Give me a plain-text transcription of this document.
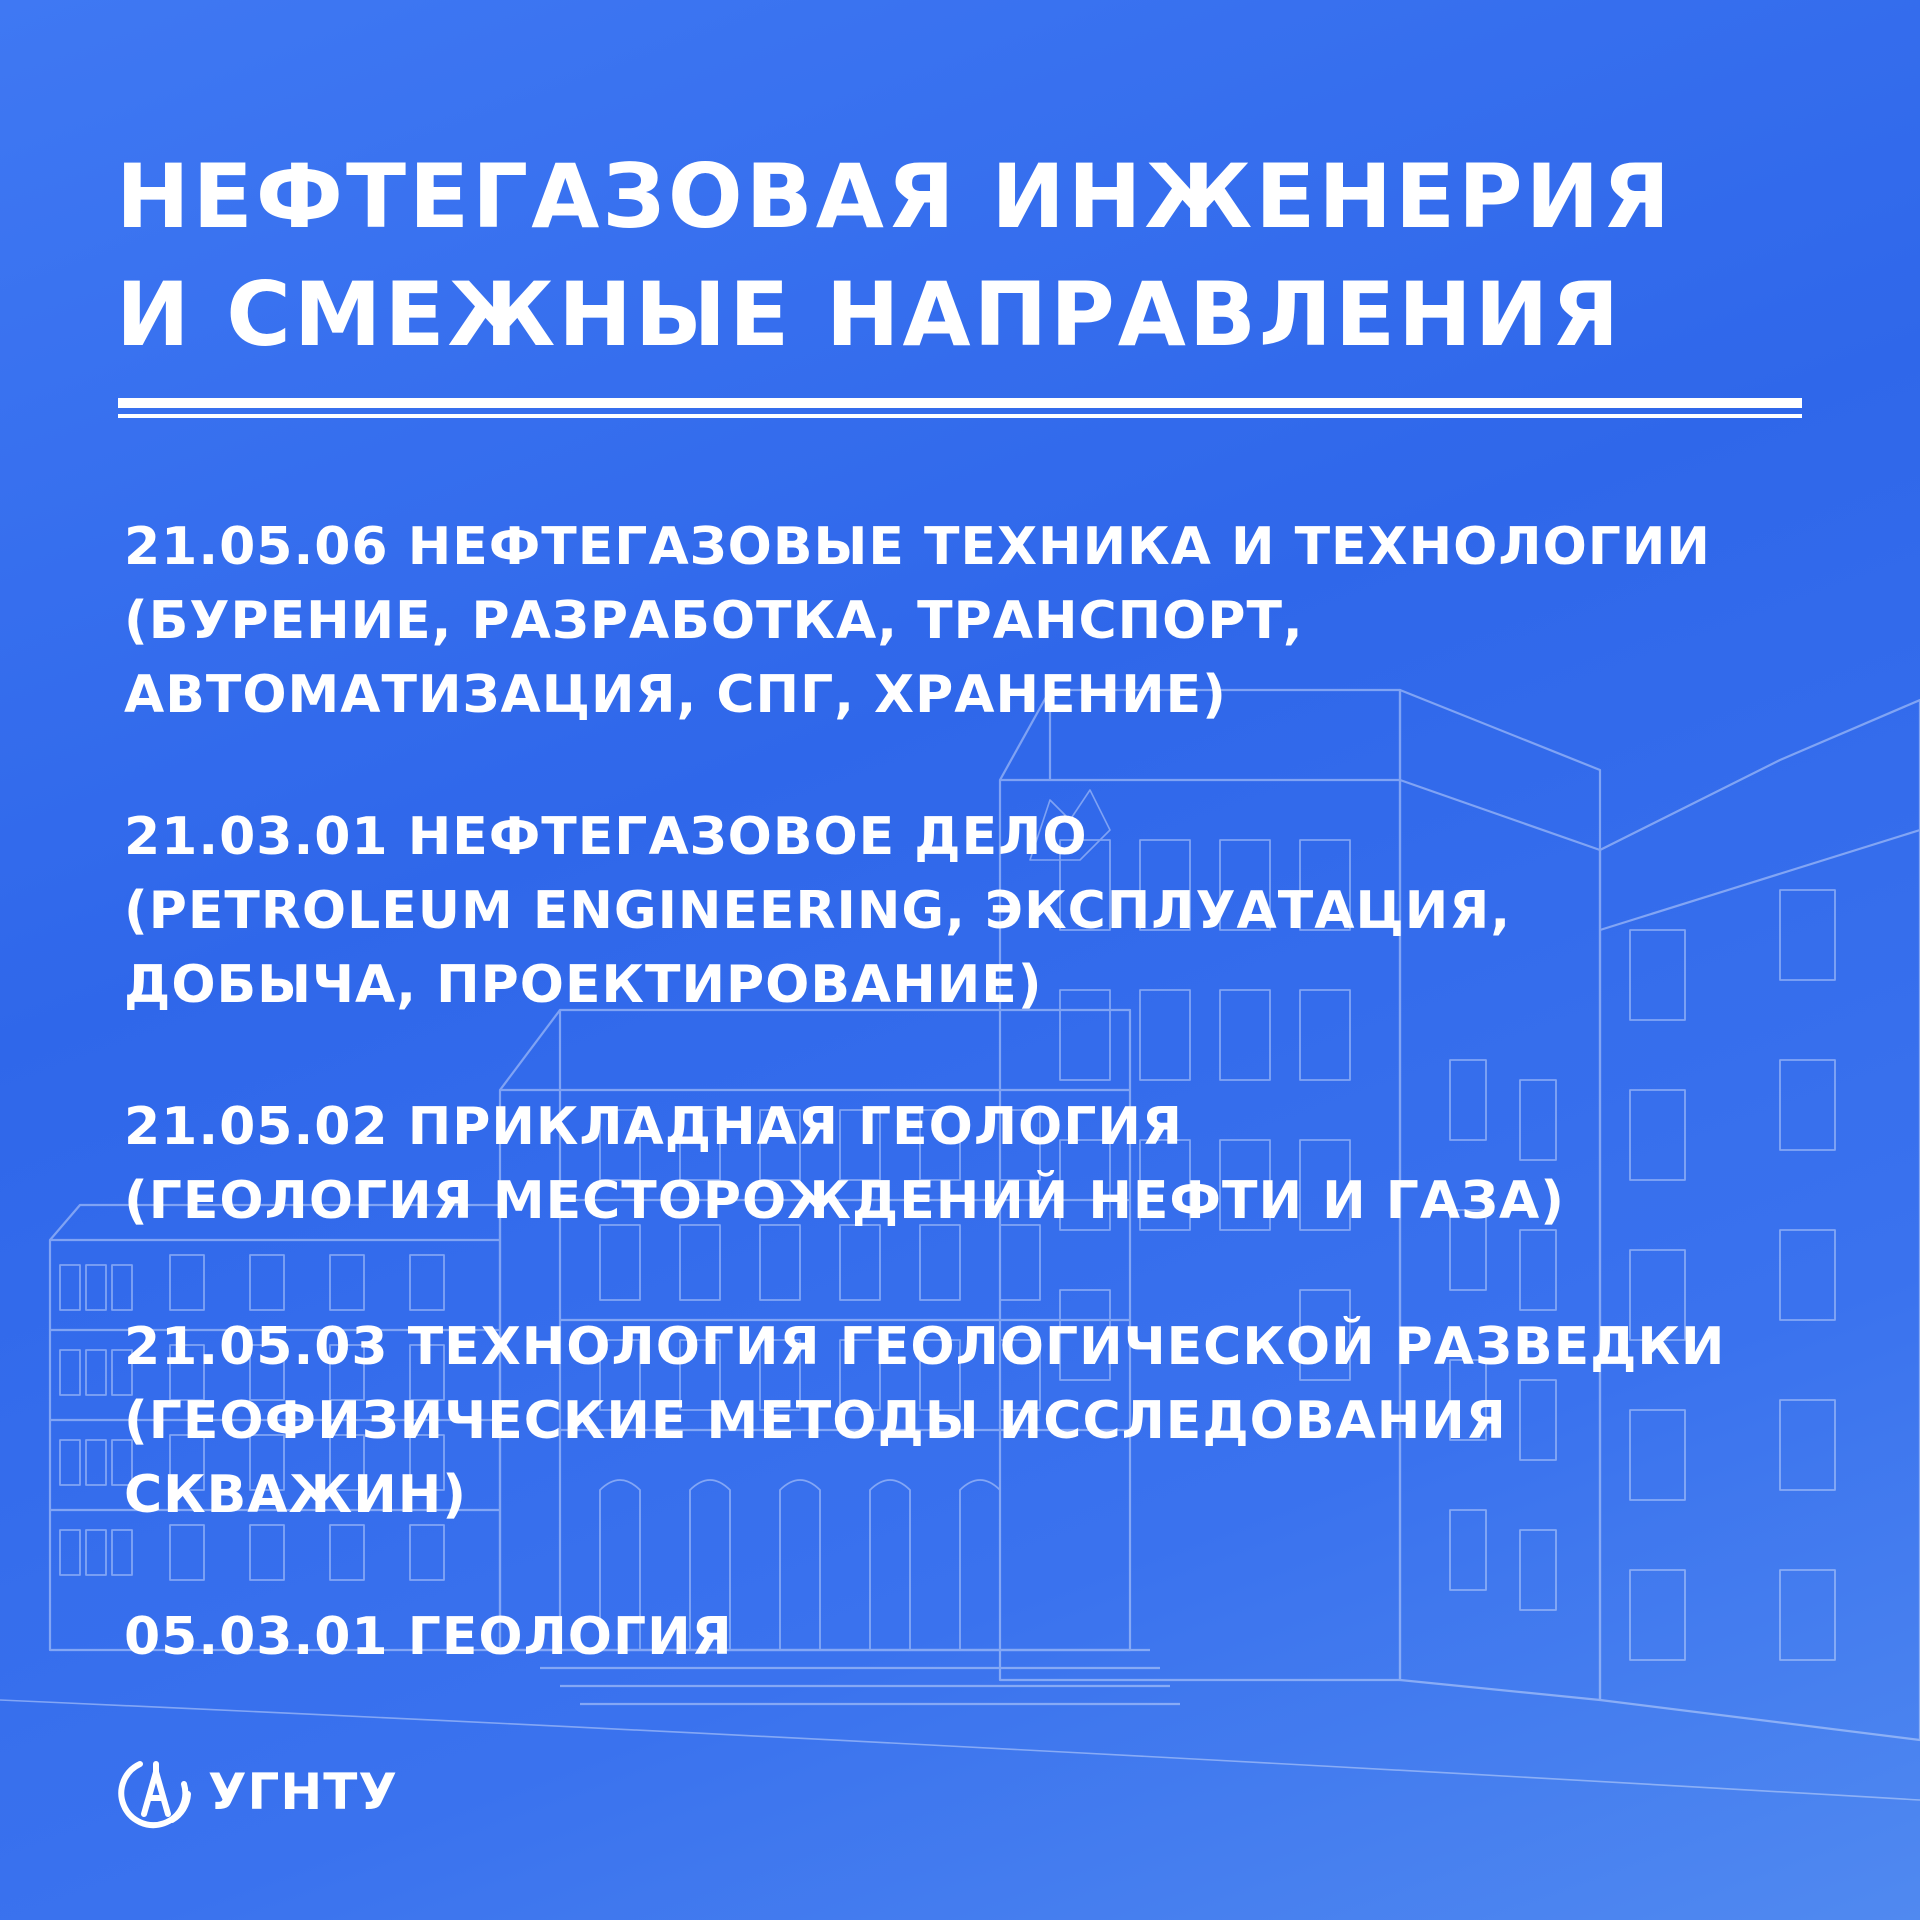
НЕФТЕГАЗОВАЯ ИНЖЕНЕРИЯ
И СМЕЖНЫЕ НАПРАВЛЕНИЯ
21.05.06 НЕФТЕГАЗОВЫЕ ТЕХНИКА И ТЕХНОЛОГИИ
(БУРЕНИЕ, РАЗРАБОТКА, ТРАНСПОРТ,
АВТОМАТИЗАЦИЯ, СПГ, ХРАНЕНИЕ)
21.03.01 НЕФТЕГАЗОВОЕ ДЕЛО
(PETROLEUM ENGINEERING, ЭКСПЛУАТАЦИЯ,
ДОБЫЧА, ПРОЕКТИРОВАНИЕ)
21.05.02 ПРИКЛАДНАЯ ГЕОЛОГИЯ
(ГЕОЛОГИЯ МЕСТОРОЖДЕНИЙ НЕФТИ И ГАЗА)
21.05.03 ТЕХНОЛОГИЯ ГЕОЛОГИЧЕСКОЙ РАЗВЕДКИ
(ГЕОФИЗИЧЕСКИЕ МЕТОДЫ ИССЛЕДОВАНИЯ
СКВАЖИН)
05.03.01 ГЕОЛОГИЯ
УГНТУ
